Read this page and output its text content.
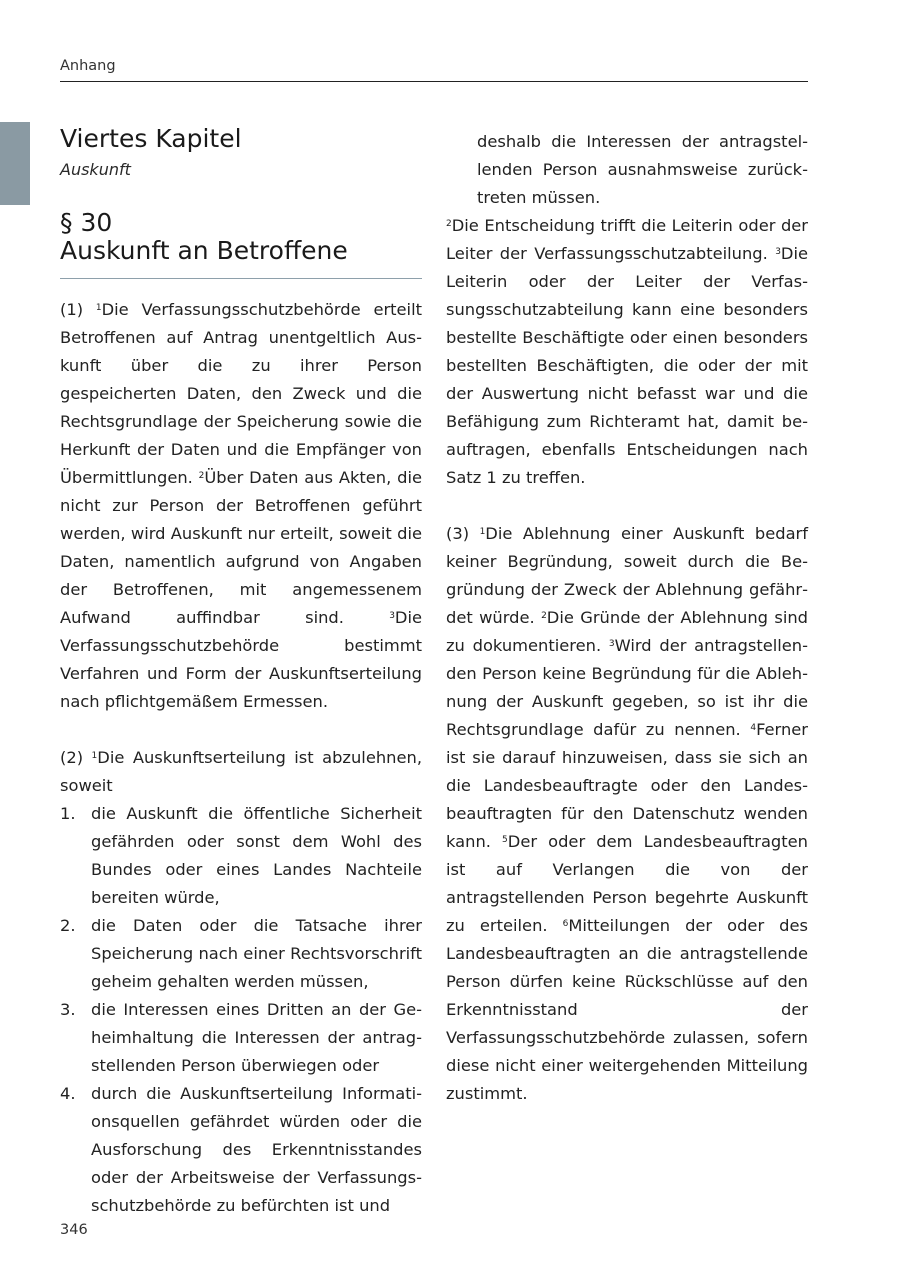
Anhang
Viertes Kapitel
Auskunft
§ 30
Auskunft an Betroffene

(1) $^1$Die Verfassungsschutzbehörde erteilt Betroffenen auf Antrag unentgeltlich Auskunft über die zu ihrer Person gespeicherten Daten, den Zweck und die Rechtsgrundlage der Speicherung sowie die Herkunft der Daten und die Empfänger von Übermittlungen. $^2$Über Daten aus Akten, die nicht zur Person der Betroffenen geführt werden, wird Auskunft nur erteilt, soweit die Daten, namentlich aufgrund von Angaben der Betroffenen, mit angemessenem Aufwand auffindbar sind. $^3$Die Verfassungsschutzbehörde bestimmt Verfahren und Form der Auskunftserteilung nach pflichtgemäßem Ermessen.

(2) $^1$Die Auskunftserteilung ist abzulehnen, soweit

1. die Auskunft die öffentliche Sicherheit gefährden oder sonst dem Wohl des Bundes oder eines Landes Nachteile bereiten würde,
2. die Daten oder die Tatsache ihrer Speicherung nach einer Rechtsvorschrift geheim gehalten werden müssen,
3. die Interessen eines Dritten an der Geheimhaltung die Interessen der antragstellenden Person überwiegen oder
4. durch die Auskunftserteilung Informationsquellen gefährdet würden oder die Ausforschung des Erkenntnisstandes oder der Arbeitsweise der Verfassungsschutzbehörde zu befürchten ist und

deshalb die Interessen der antragstellenden Person ausnahmsweise zurücktreten müssen.

$^2$Die Entscheidung trifft die Leiterin oder der Leiter der Verfassungsschutzabteilung. $^3$Die Leiterin oder der Leiter der Verfassungsschutzabteilung kann eine besonders bestellte Beschäftigte oder einen besonders bestellten Beschäftigten, die oder der mit der Auswertung nicht befasst war und die Befähigung zum Richteramt hat, damit beauftragen, ebenfalls Entscheidungen nach Satz 1 zu treffen.

(3) $^1$Die Ablehnung einer Auskunft bedarf keiner Begründung, soweit durch die Begründung der Zweck der Ablehnung gefährdet würde. $^2$Die Gründe der Ablehnung sind zu dokumentieren. $^3$Wird der antragstellenden Person keine Begründung für die Ablehnung der Auskunft gegeben, so ist ihr die Rechtsgrundlage dafür zu nennen. $^4$Ferner ist sie darauf hinzuweisen, dass sie sich an die Landesbeauftragte oder den Landesbeauftragten für den Datenschutz wenden kann. $^5$Der oder dem Landesbeauftragten ist auf Verlangen die von der antragstellenden Person begehrte Auskunft zu erteilen. $^6$Mitteilungen der oder des Landesbeauftragten an die antragstellende Person dürfen keine Rückschlüsse auf den Erkenntnisstand der Verfassungsschutzbehörde zulassen, sofern diese nicht einer weitergehenden Mitteilung zustimmt.

346
